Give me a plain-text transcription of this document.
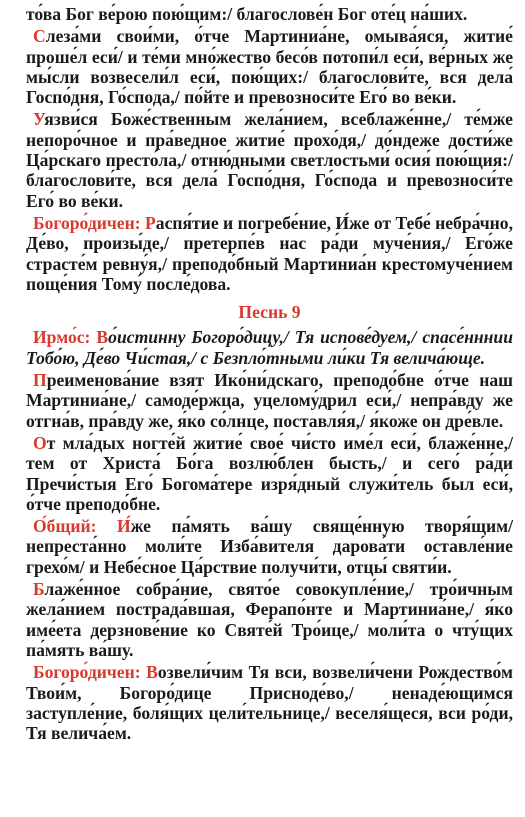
то́ва Бог ве́рою пою́щим:/ благослове́н Бог оте́ц на́ших.

Слеза́ми свои́ми, о́тче Мартиниа́не, омыва́яся, житие́ проше́л еси́/ и те́ми мно́жество бесо́в потопи́л еси́, ве́рных же мы́сли возвесели́л еси́, пою́щих:/ благослови́те, вся дела́ Госпо́дня, Го́спода,/ по́йте и превозноси́те Его́ во ве́ки.

Уязви́ся Боже́ственным жела́нием, всеблаже́нне,/ те́мже непоро́чное и пра́ведное житие́ прохо́дя,/ до́ндеже дости́же Ца́рскаго престо́ла,/ отню́дными светлостьми́ осия́ пою́щия:/ благослови́те, вся дела́ Госпо́дня, Го́спода и превозноси́те Его́ во ве́ки.

Богоро́дичен: Распя́тие и погребе́ние, И́же от Тебе́ небра́чно, Де́во, произы́де,/ претерпе́в нас ра́ди муче́ния,/ Его́же страсте́м ревну́я,/ преподо́бный Мартиниа́н крестомуче́нием поще́ния Тому́ после́дова.

Песнь 9

Ирмо́с: Во́истинну Богоро́дицу,/ Тя испове́дуем,/ спасе́нннии Тобо́ю, Де́во Чи́стая,/ с Безпло́тными ли́ки Тя велича́юще.

Преименова́ние взят Ико́ни́дскаго, преподо́бне о́тче наш Мартиниа́не,/ самоде́ржца, уцелому́дрил еси́,/ непра́вду же отгна́в, пра́вду же, я́ко со́лнце, поставля́я,/ я́коже он дре́вле.

От мла́дых ногте́й житие́ свое́ чи́сто име́л еси́, блаже́нне,/ тем от Христа́ Бо́га возлю́блен бысть,/ и сего́ ра́ди Пречи́стыя Его́ Богома́тере изря́дный служи́тель был еси́, о́тче преподо́бне.

О́бщий: И́же па́мять ва́шу свяще́нную творя́щим/ непреста́нно моли́те Изба́вителя дарова́ти оставле́ние грехо́м/ и Небе́сное Ца́рствие получи́ти, отцы́ святи́и.

Блаже́нное собра́ние, свято́е совокупле́ние,/ тро́ичным жела́нием пострада́вшая, Ферапо́нте и Мартиниа́не,/ я́ко име́ета дерзнове́ние ко Святе́й Тро́ице,/ моли́та о чту́щих па́мять ва́шу.

Богоро́дичен: Возвели́чим Тя вси, возвели́чени Рождество́м Твои́м, Богоро́дице Присноде́во,/ ненаде́ющимся заступле́ние, боля́щих цели́тельнице,/ веселя́щеся, вси ро́ди, Тя велича́ем.
